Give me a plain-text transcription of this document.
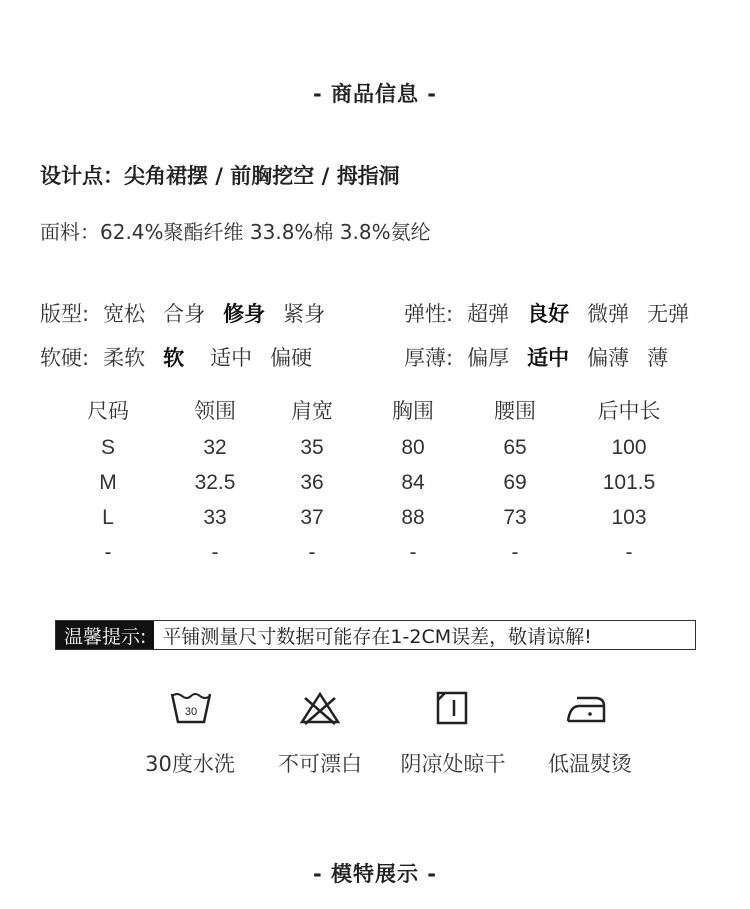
- 商品信息 -
设计点：尖角裙摆 / 前胸挖空 / 拇指洞
面料：62.4%聚酯纤维 33.8%棉 3.8%氨纶
版型: 宽松 合身 修身 紧身	弹性: 超弹 良好 微弹 无弹
软硬: 柔软 软 适中 偏硬	厚薄: 偏厚 适中 偏薄 薄
尺码	领围	肩宽	胸围	腰围	后中长
S	32	35	80	65	100
M	32.5	36	84	69	101.5
L	33	37	88	73	103
-	-	-	-	-	-
温馨提示: 平铺测量尺寸数据可能存在1-2CM误差，敬请谅解!
30
30度水洗	不可漂白	阴凉处晾干	低温熨烫
- 模特展示 -
